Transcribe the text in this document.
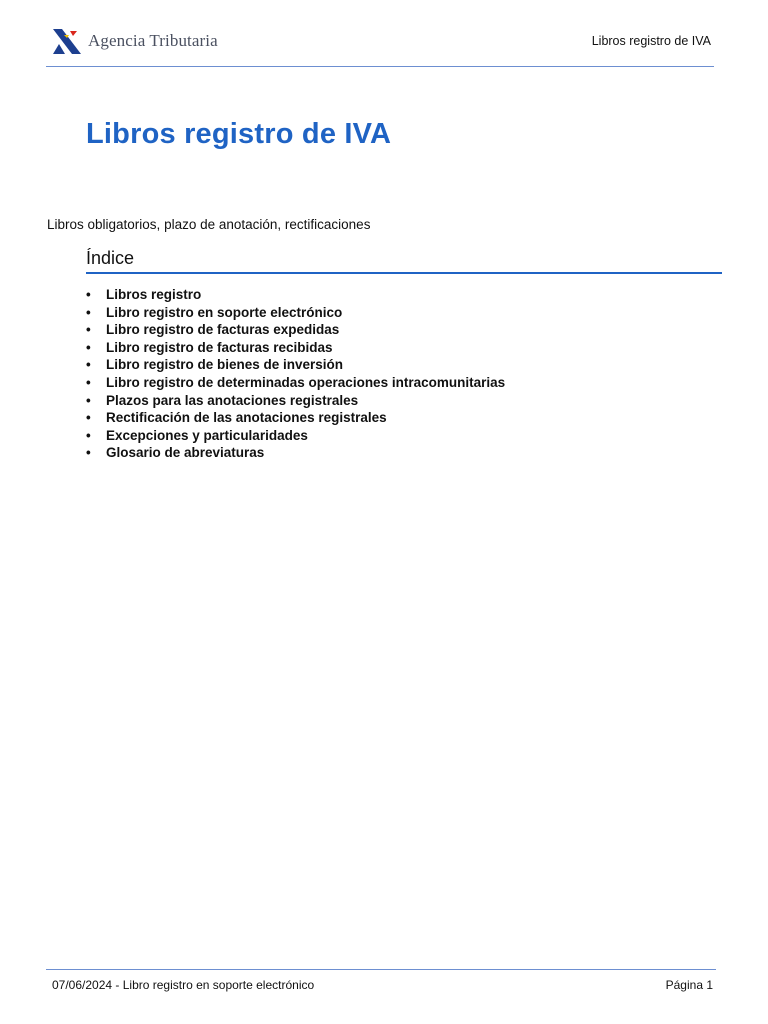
Agencia Tributaria	Libros registro de IVA
Libros registro de IVA
Libros obligatorios, plazo de anotación, rectificaciones
Índice
• Libros registro
• Libro registro en soporte electrónico
• Libro registro de facturas expedidas
• Libro registro de facturas recibidas
• Libro registro de bienes de inversión
• Libro registro de determinadas operaciones intracomunitarias
• Plazos para las anotaciones registrales
• Rectificación de las anotaciones registrales
• Excepciones y particularidades
• Glosario de abreviaturas
07/06/2024 - Libro registro en soporte electrónico	Página 1
